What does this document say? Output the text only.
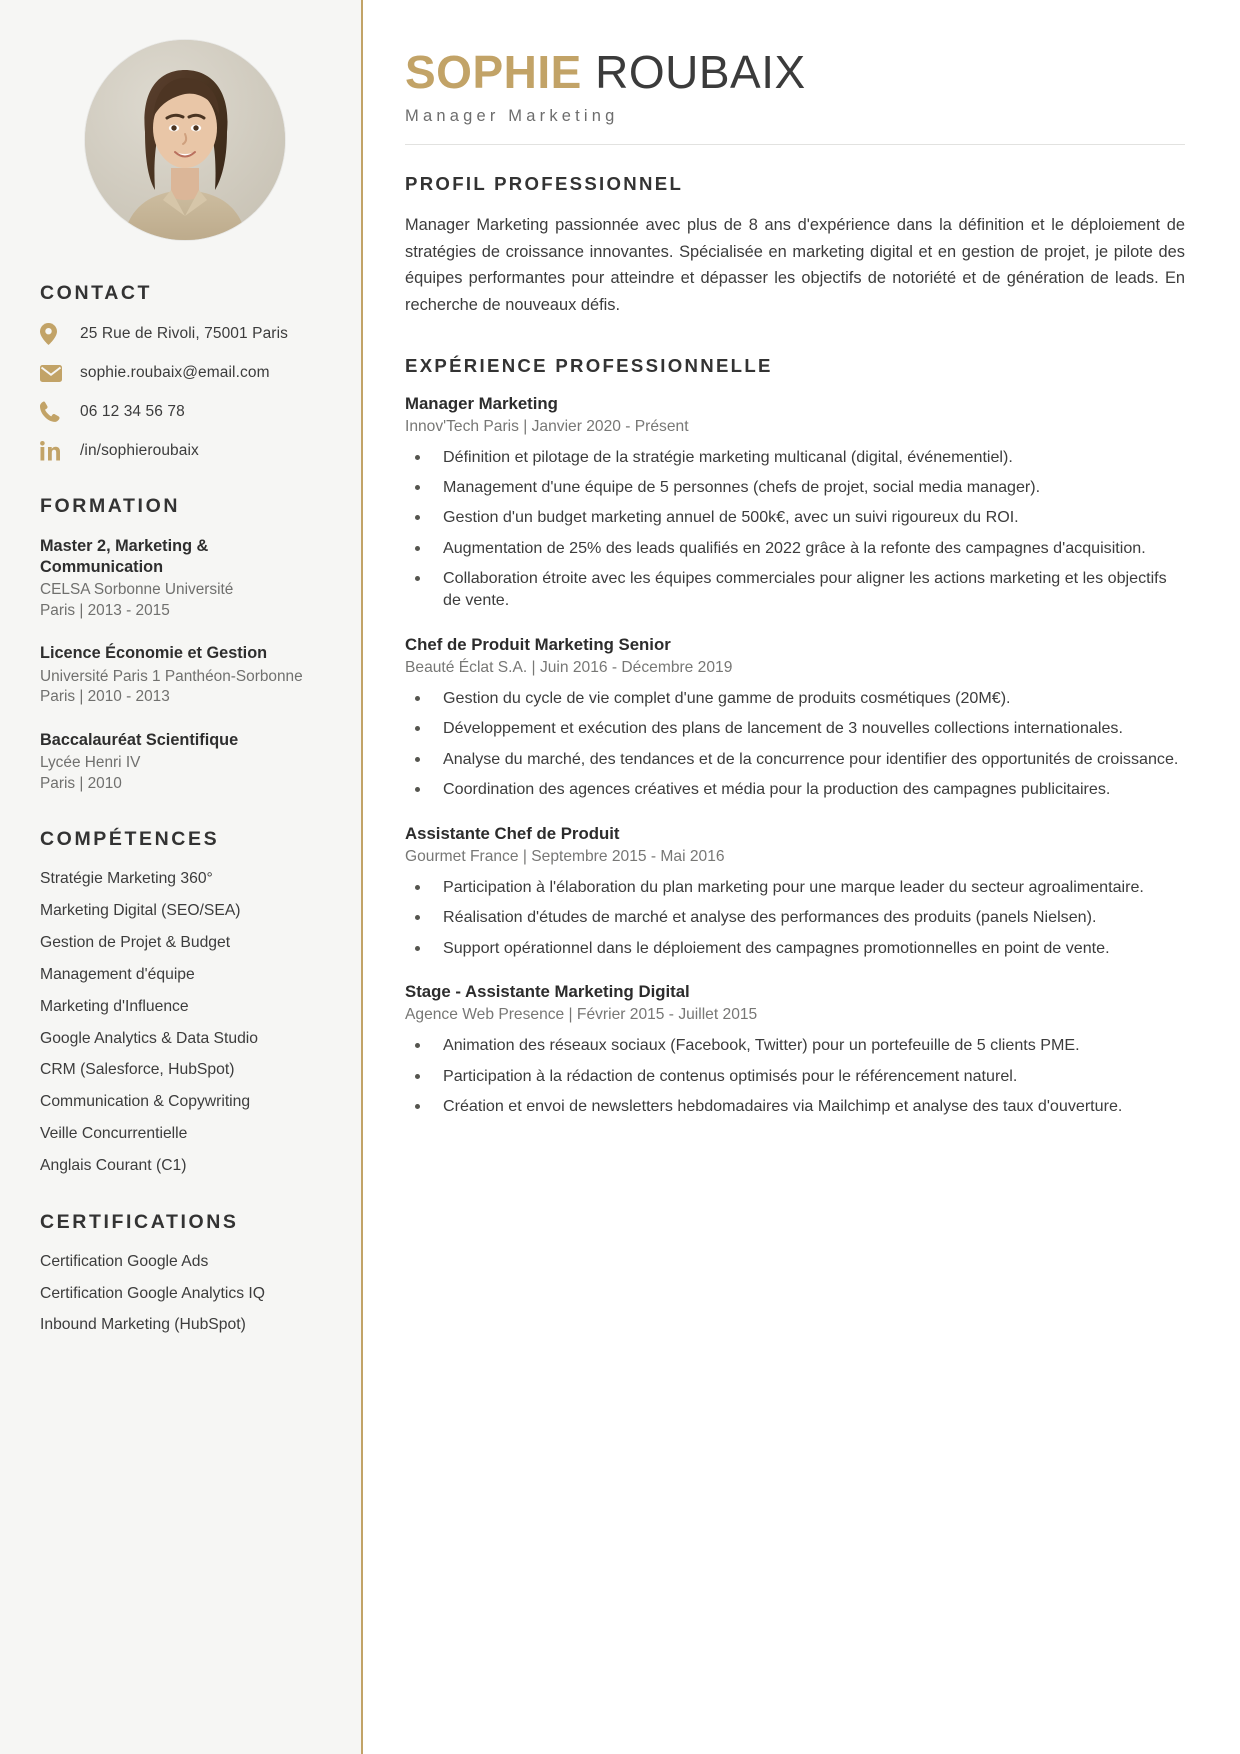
CONTACT
25 Rue de Rivoli, 75001 Paris
sophie.roubaix@email.com
06 12 34 56 78
/in/sophieroubaix
FORMATION
Master 2, Marketing & Communication
CELSA Sorbonne Université
Paris | 2013 - 2015
Licence Économie et Gestion
Université Paris 1 Panthéon-Sorbonne
Paris | 2010 - 2013
Baccalauréat Scientifique
Lycée Henri IV
Paris | 2010
COMPÉTENCES
Stratégie Marketing 360°
Marketing Digital (SEO/SEA)
Gestion de Projet & Budget
Management d'équipe
Marketing d'Influence
Google Analytics & Data Studio
CRM (Salesforce, HubSpot)
Communication & Copywriting
Veille Concurrentielle
Anglais Courant (C1)
CERTIFICATIONS
Certification Google Ads
Certification Google Analytics IQ
Inbound Marketing (HubSpot)
SOPHIE ROUBAIX
Manager Marketing
PROFIL PROFESSIONNEL

Manager Marketing passionnée avec plus de 8 ans d'expérience dans la définition et le déploiement de stratégies de croissance innovantes. Spécialisée en marketing digital et en gestion de projet, je pilote des équipes performantes pour atteindre et dépasser les objectifs de notoriété et de génération de leads. En recherche de nouveaux défis.

EXPÉRIENCE PROFESSIONNELLE
Manager Marketing
Innov'Tech Paris | Janvier 2020 - Présent
• Définition et pilotage de la stratégie marketing multicanal (digital, événementiel).
• Management d'une équipe de 5 personnes (chefs de projet, social media manager).
• Gestion d'un budget marketing annuel de 500k€, avec un suivi rigoureux du ROI.
• Augmentation de 25% des leads qualifiés en 2022 grâce à la refonte des campagnes d'acquisition.
• Collaboration étroite avec les équipes commerciales pour aligner les actions marketing et les objectifs de vente.
Chef de Produit Marketing Senior
Beauté Éclat S.A. | Juin 2016 - Décembre 2019
• Gestion du cycle de vie complet d'une gamme de produits cosmétiques (20M€).
• Développement et exécution des plans de lancement de 3 nouvelles collections internationales.
• Analyse du marché, des tendances et de la concurrence pour identifier des opportunités de croissance.
• Coordination des agences créatives et média pour la production des campagnes publicitaires.
Assistante Chef de Produit
Gourmet France | Septembre 2015 - Mai 2016
• Participation à l'élaboration du plan marketing pour une marque leader du secteur agroalimentaire.
• Réalisation d'études de marché et analyse des performances des produits (panels Nielsen).
• Support opérationnel dans le déploiement des campagnes promotionnelles en point de vente.
Stage - Assistante Marketing Digital
Agence Web Presence | Février 2015 - Juillet 2015
• Animation des réseaux sociaux (Facebook, Twitter) pour un portefeuille de 5 clients PME.
• Participation à la rédaction de contenus optimisés pour le référencement naturel.
• Création et envoi de newsletters hebdomadaires via Mailchimp et analyse des taux d'ouverture.
